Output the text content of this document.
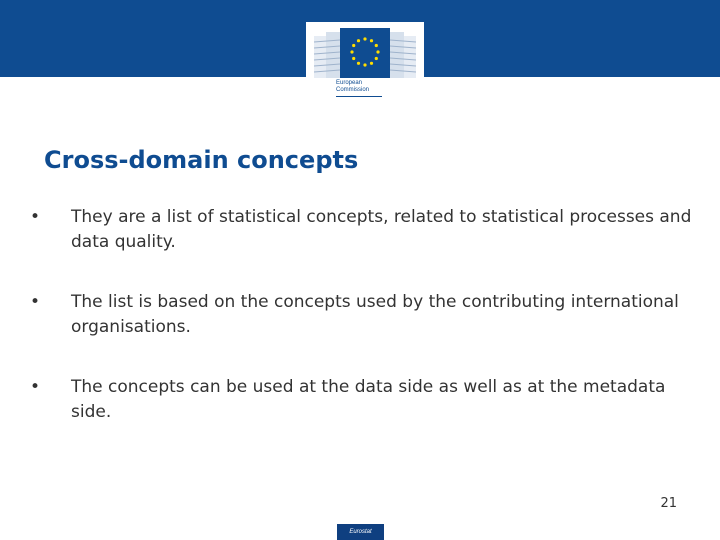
European
Commission
Cross-domain concepts
• They are a list of statistical concepts, related to statistical processes and data quality.
• The list is based on the concepts used by the contributing international organisations.
• The concepts can be used at the data side as well as at the metadata side.
21
Eurostat
